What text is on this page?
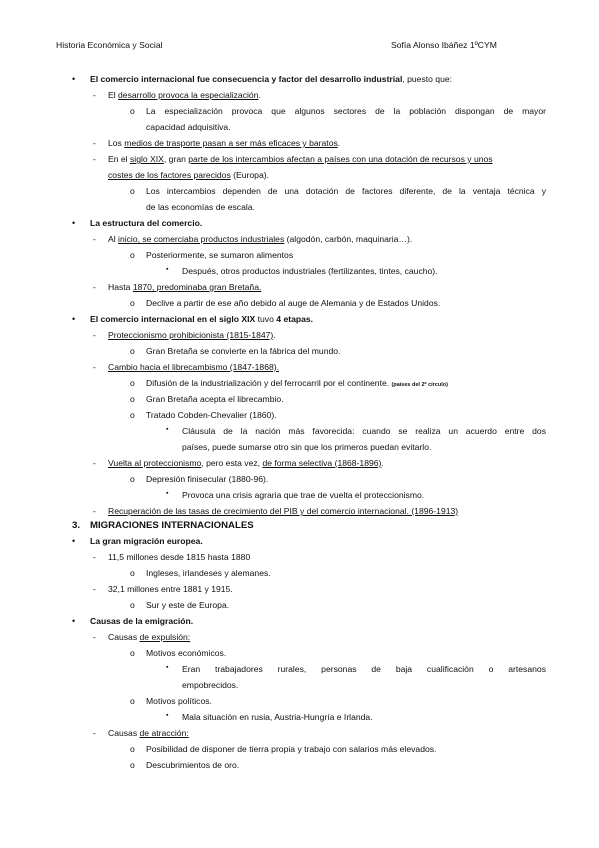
Historia Económica y Social	Sofía Alonso Ibáñez 1ºCYM
• El comercio internacional fue consecuencia y factor del desarrollo industrial, puesto que:
- El desarrollo provoca la especialización.
o La especialización provoca que algunos sectores de la población dispongan de mayor
capacidad adquisitiva.
- Los medios de trasporte pasan a ser más eficaces y baratos.
- En el siglo XIX, gran parte de los intercambios afectan a países con una dotación de recursos y unos
costes de los factores parecidos (Europa).
o Los intercambios dependen de una dotación de factores diferente, de la ventaja técnica y
de las economías de escala.
• La estructura del comercio.
- Al inicio, se comerciaba productos industriales (algodón, carbón, maquinaria…).
o Posteriormente, se sumaron alimentos
▪ Después, otros productos industriales (fertilizantes, tintes, caucho).
- Hasta 1870, predominaba gran Bretaña.
o Declive a partir de ese año debido al auge de Alemania y de Estados Unidos.
• El comercio internacional en el siglo XIX tuvo 4 etapas.
- Proteccionismo prohibicionista (1815-1847).
o Gran Bretaña se convierte en la fábrica del mundo.
- Cambio hacia el librecambismo (1847-1868).
o Difusión de la industrialización y del ferrocarril por el continente. (países del 2º círculo)
o Gran Bretaña acepta el librecambio.
o Tratado Cobden-Chevalier (1860).
▪ Cláusula de la nación más favorecida: cuando se realiza un acuerdo entre dos
países, puede sumarse otro sin que los primeros puedan evitarlo.
- Vuelta al proteccionismo, pero esta vez, de forma selectiva (1868-1896).
o Depresión finisecular (1880-96).
▪ Provoca una crisis agraria que trae de vuelta el proteccionismo.
- Recuperación de las tasas de crecimiento del PIB y del comercio internacional. (1896-1913)
3. MIGRACIONES INTERNACIONALES
• La gran migración europea.
- 11,5 millones desde 1815 hasta 1880
o Ingleses, irlandeses y alemanes.
- 32,1 millones entre 1881 y 1915.
o Sur y este de Europa.
• Causas de la emigración.
- Causas de expulsión:
o Motivos económicos.
▪ Eran trabajadores rurales, personas de baja cualificación o artesanos
empobrecidos.
o Motivos políticos.
▪ Mala situación en rusia, Austria-Hungría e Irlanda.
- Causas de atracción:
o Posibilidad de disponer de tierra propia y trabajo con salarios más elevados.
o Descubrimientos de oro.
